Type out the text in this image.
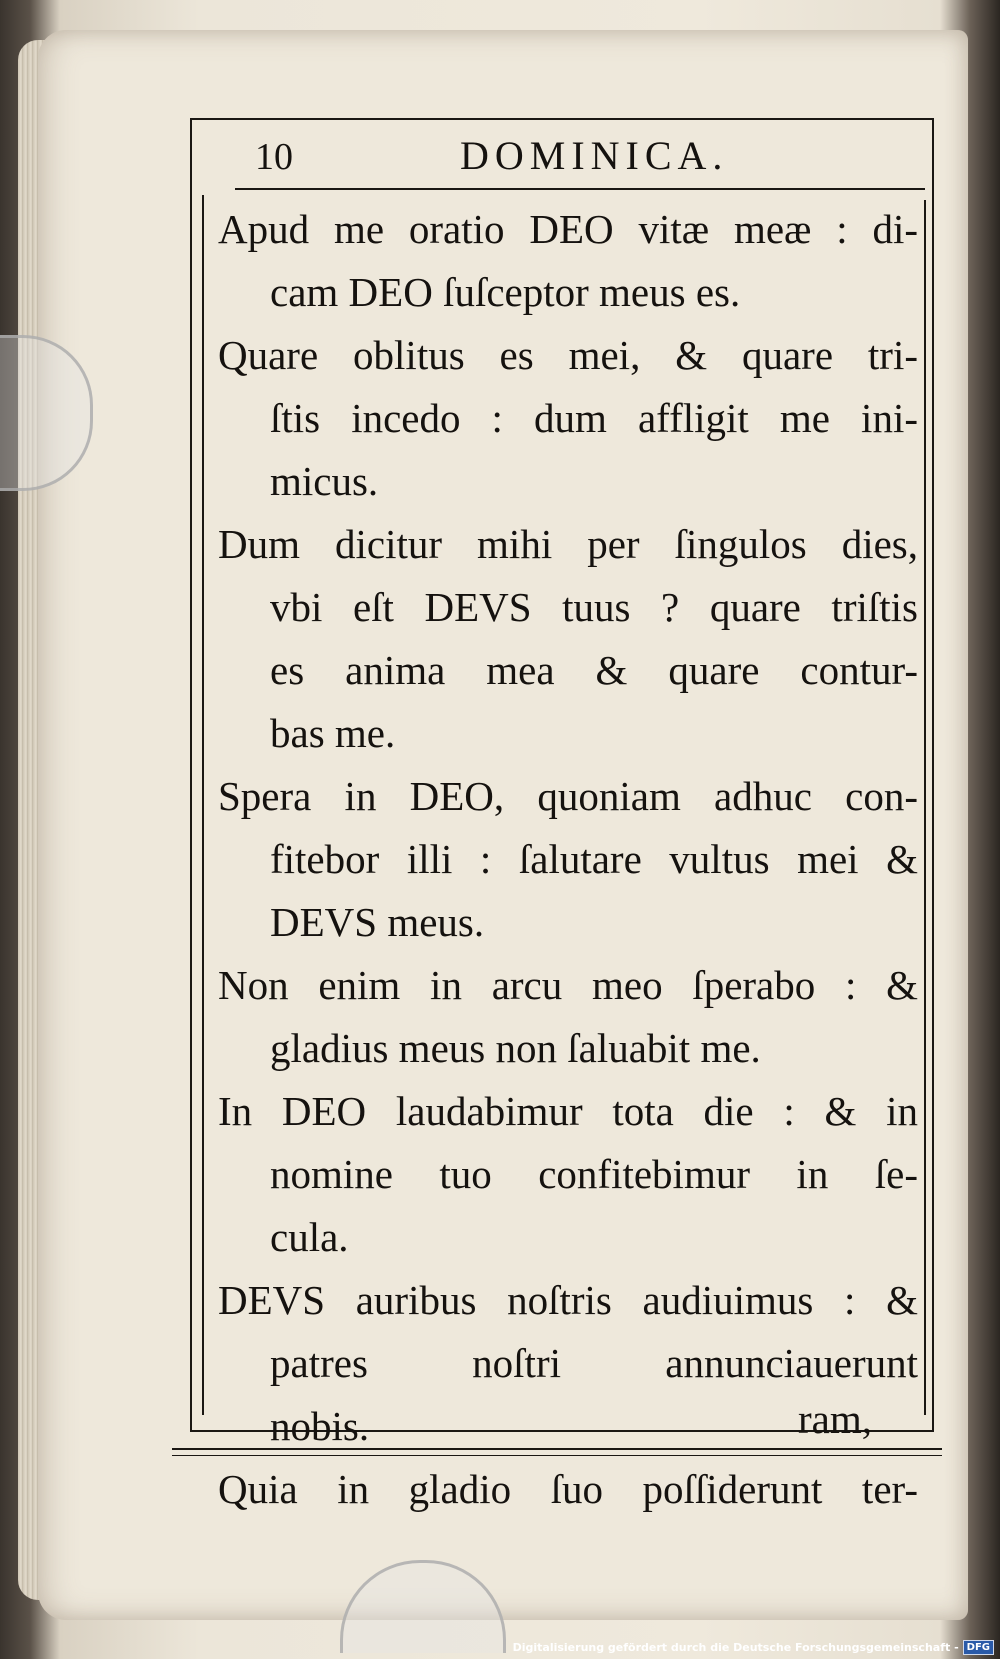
10	DOMINICA.
Apud me oratio DEO vitæ meæ : di-
cam DEO ſuſceptor meus es.
Quare oblitus es mei, & quare tri-
ſtis incedo : dum affligit me ini-
micus.
Dum dicitur mihi per ſingulos dies,
vbi eſt DEVS tuus ? quare triſtis
es anima mea & quare contur-
bas me.
Spera in DEO, quoniam adhuc con-
fitebor illi : ſalutare vultus mei &
DEVS meus.
Non enim in arcu meo ſperabo : &
gladius meus non ſaluabit me.
In DEO laudabimur tota die : & in
nomine tuo confitebimur in ſe-
cula.
DEVS auribus noſtris audiuimus : &
patres noſtri annunciauerunt
nobis.
Quia in gladio ſuo poſſiderunt ter-
ram,
Digitalisierung gefördert durch die Deutsche Forschungsgemeinschaft - DFG
